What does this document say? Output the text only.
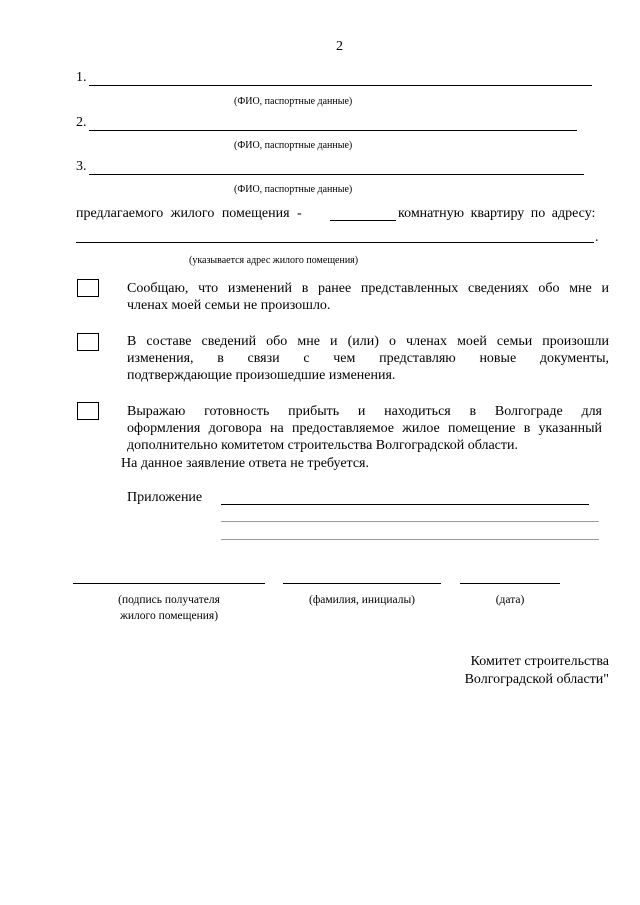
2
1.
(ФИО, паспортные данные)
2.
(ФИО, паспортные данные)
3.
(ФИО, паспортные данные)
предлагаемого жилого помещения -	комнатную квартиру по адресу:
.
(указывается адрес жилого помещения)
Сообщаю, что изменений в ранее представленных сведениях обо мне и
членах моей семьи не произошло.
В составе сведений обо мне и (или) о членах моей семьи произошли
изменения, в связи с чем представляю новые документы,
подтверждающие произошедшие изменения.
Выражаю готовность прибыть и находиться в Волгограде для
оформления договора на предоставляемое жилое помещение в указанный
дополнительно комитетом строительства Волгоградской области.
На данное заявление ответа не требуется.
Приложение
(подпись получателя
жилого помещения)
(фамилия, инициалы)	(дата)
Комитет строительства
Волгоградской области"
